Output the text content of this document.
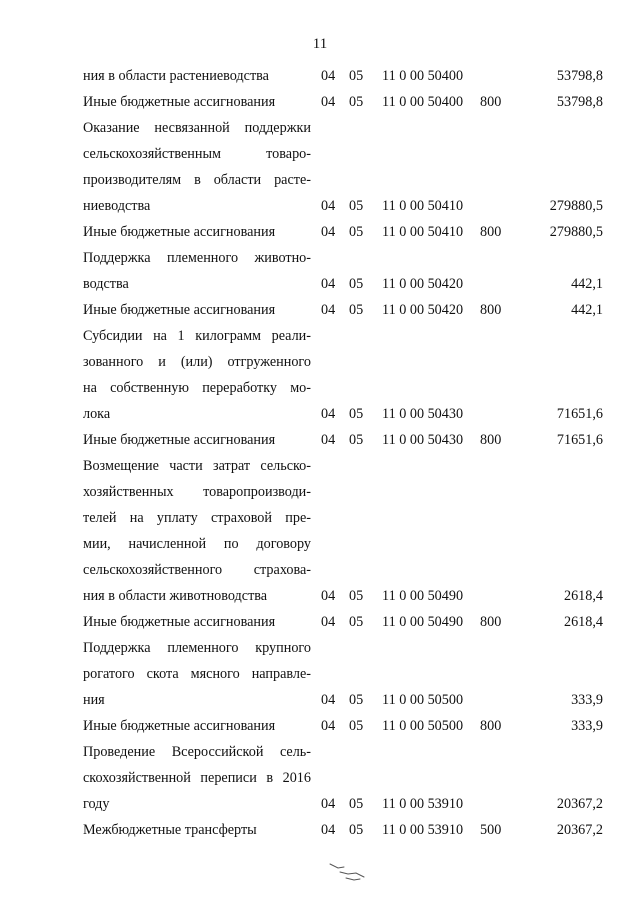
11
ния в области растениеводства	04 05 11 0 00 50400	53798,8
Иные бюджетные ассигнования	04 05 11 0 00 50400 800	53798,8
Оказание несвязанной поддержки
сельскохозяйственным товаро-
производителям в области расте-
ниеводства	04 05 11 0 00 50410	279880,5
Иные бюджетные ассигнования	04 05 11 0 00 50410 800	279880,5
Поддержка племенного животно-
водства	04 05 11 0 00 50420	442,1
Иные бюджетные ассигнования	04 05 11 0 00 50420 800	442,1
Субсидии на 1 килограмм реали-
зованного и (или) отгруженного
на собственную переработку мо-
лока	04 05 11 0 00 50430	71651,6
Иные бюджетные ассигнования	04 05 11 0 00 50430 800	71651,6
Возмещение части затрат сельско-
хозяйственных товаропроизводи-
телей на уплату страховой пре-
мии, начисленной по договору
сельскохозяйственного страхова-
ния в области животноводства	04 05 11 0 00 50490	2618,4
Иные бюджетные ассигнования	04 05 11 0 00 50490 800	2618,4
Поддержка племенного крупного
рогатого скота мясного направле-
ния	04 05 11 0 00 50500	333,9
Иные бюджетные ассигнования	04 05 11 0 00 50500 800	333,9
Проведение Всероссийской сель-
скохозяйственной переписи в 2016
году	04 05 11 0 00 53910	20367,2
Межбюджетные трансферты	04 05 11 0 00 53910 500	20367,2
